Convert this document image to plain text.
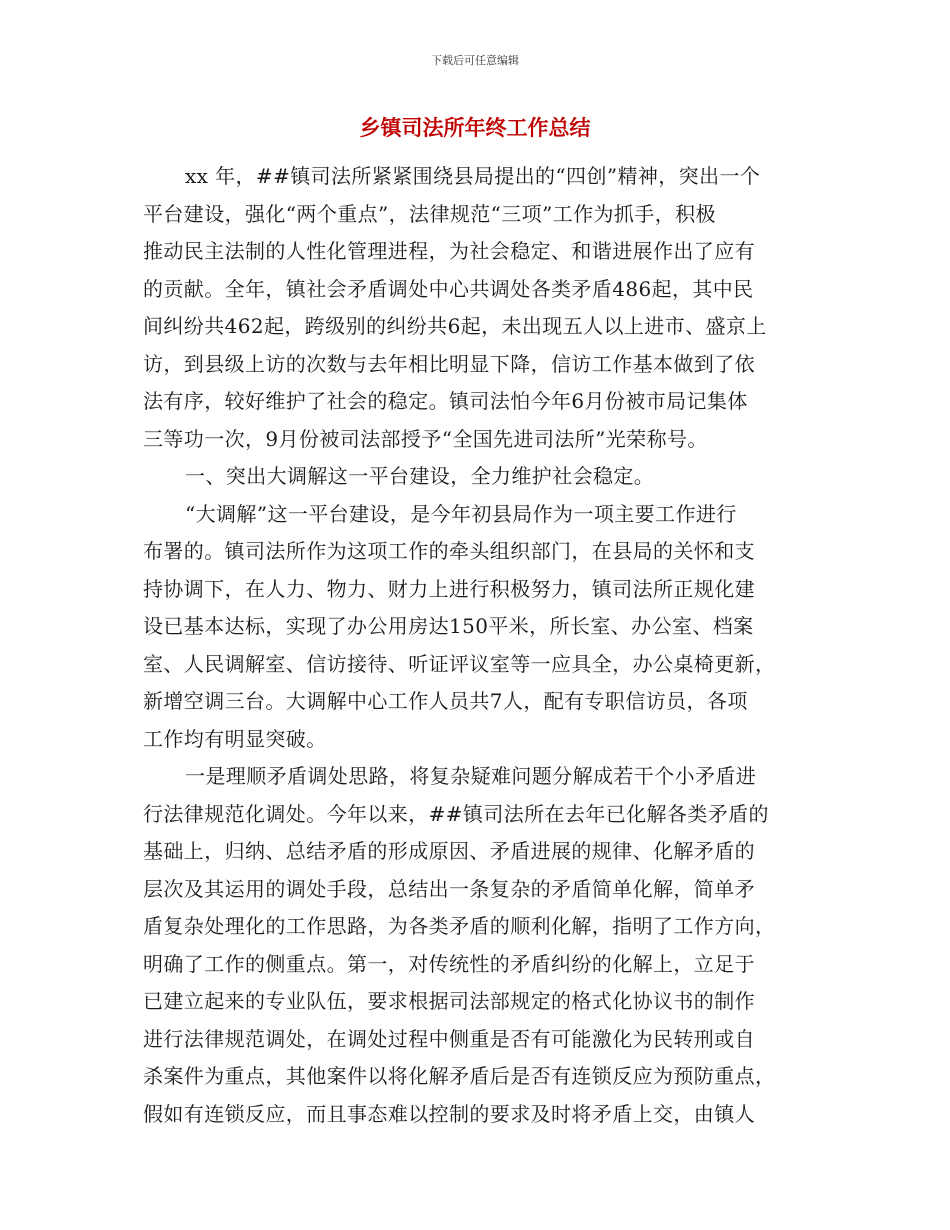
下载后可任意编辑
乡镇司法所年终工作总结
xx 年，##镇司法所紧紧围绕县局提出的“四创”精神，突出一个
平台建设，强化“两个重点”，法律规范“三项”工作为抓手，积极
推动民主法制的人性化管理进程，为社会稳定、和谐进展作出了应有
的贡献。全年，镇社会矛盾调处中心共调处各类矛盾486起，其中民
间纠纷共462起，跨级别的纠纷共6起，未出现五人以上进市、盛京上
访，到县级上访的次数与去年相比明显下降，信访工作基本做到了依
法有序，较好维护了社会的稳定。镇司法怕今年6月份被市局记集体
三等功一次，9月份被司法部授予“全国先进司法所”光荣称号。
一、突出大调解这一平台建设，全力维护社会稳定。
“大调解”这一平台建设，是今年初县局作为一项主要工作进行
布署的。镇司法所作为这项工作的牵头组织部门，在县局的关怀和支
持协调下，在人力、物力、财力上进行积极努力，镇司法所正规化建
设已基本达标，实现了办公用房达150平米，所长室、办公室、档案
室、人民调解室、信访接待、听证评议室等一应具全，办公桌椅更新，
新增空调三台。大调解中心工作人员共7人，配有专职信访员，各项
工作均有明显突破。
一是理顺矛盾调处思路，将复杂疑难问题分解成若干个小矛盾进
行法律规范化调处。今年以来，##镇司法所在去年已化解各类矛盾的
基础上，归纳、总结矛盾的形成原因、矛盾进展的规律、化解矛盾的
层次及其运用的调处手段，总结出一条复杂的矛盾简单化解，简单矛
盾复杂处理化的工作思路，为各类矛盾的顺利化解，指明了工作方向，
明确了工作的侧重点。第一，对传统性的矛盾纠纷的化解上，立足于
已建立起来的专业队伍，要求根据司法部规定的格式化协议书的制作
进行法律规范调处，在调处过程中侧重是否有可能激化为民转刑或自
杀案件为重点，其他案件以将化解矛盾后是否有连锁反应为预防重点，
假如有连锁反应，而且事态难以控制的要求及时将矛盾上交，由镇人
